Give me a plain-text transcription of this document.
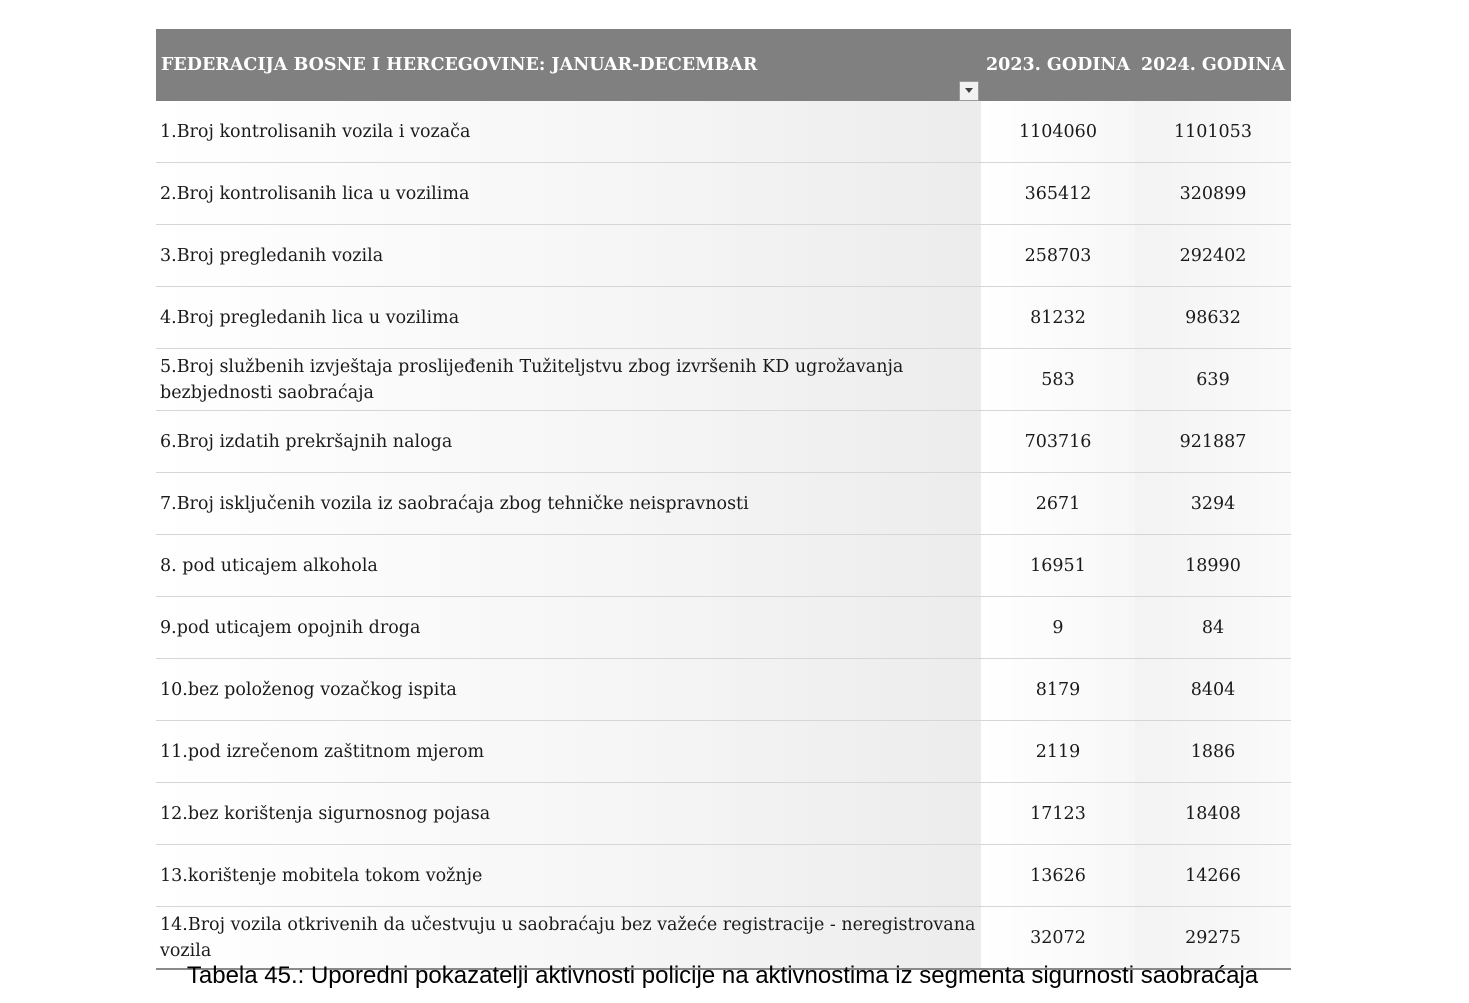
FEDERACIJA BOSNE I HERCEGOVINE: JANUAR-DECEMBAR	2023. GODINA	2024. GODINA
1.Broj kontrolisanih vozila i vozača	1104060	1101053
2.Broj kontrolisanih lica u vozilima	365412	320899
3.Broj pregledanih vozila	258703	292402
4.Broj pregledanih lica u vozilima	81232	98632
5.Broj službenih izvještaja proslijeđenih Tužiteljstvu zbog izvršenih KD ugrožavanja bezbjednosti saobraćaja	583	639
6.Broj izdatih prekršajnih naloga	703716	921887
7.Broj isključenih vozila iz saobraćaja zbog tehničke neispravnosti	2671	3294
8. pod uticajem alkohola	16951	18990
9.pod uticajem opojnih droga	9	84
10.bez položenog vozačkog ispita	8179	8404
11.pod izrečenom zaštitnom mjerom	2119	1886
12.bez korištenja sigurnosnog pojasa	17123	18408
13.korištenje mobitela tokom vožnje	13626	14266
14.Broj vozila otkrivenih da učestvuju u saobraćaju bez važeće registracije - neregistrovana vozila	32072	29275
Tabela 45.: Uporedni pokazatelji aktivnosti policije na aktivnostima iz segmenta sigurnosti saobraćaja
